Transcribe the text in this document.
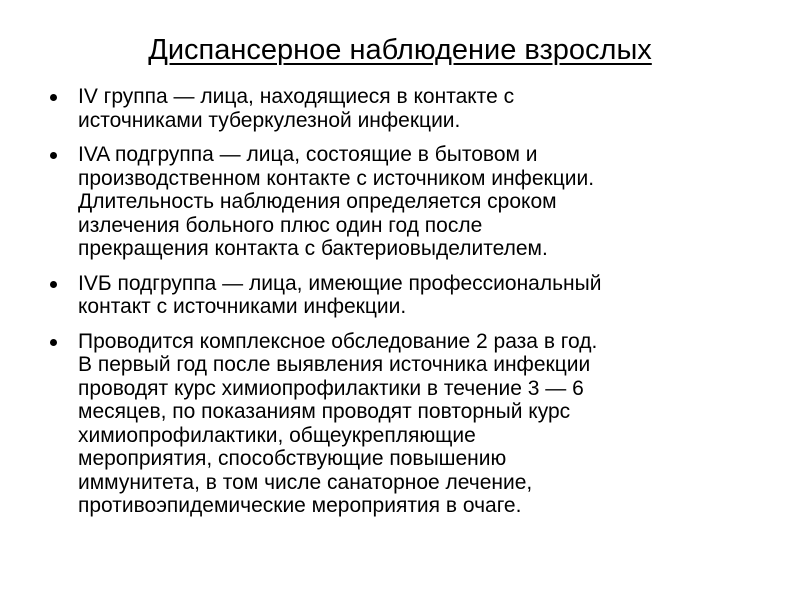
Диспансерное наблюдение взрослых
IV группа — лица, находящиеся в контакте с
источниками туберкулезной инфекции.
IVA подгруппа — лица, состоящие в бытовом и
производственном контакте с источником инфекции.
Длительность наблюдения определяется сроком
излечения больного плюс один год после
прекращения контакта с бактериовыделителем.
IVБ подгруппа — лица, имеющие профессиональный
контакт с источниками инфекции.
Проводится комплексное обследование 2 раза в год.
В первый год после выявления источника инфекции
проводят курс химиопрофилактики в течение 3 — 6
месяцев, по показаниям проводят повторный курс
химиопрофилактики, общеукрепляющие
мероприятия, способствующие повышению
иммунитета, в том числе санаторное лечение,
противоэпидемические мероприятия в очаге.
